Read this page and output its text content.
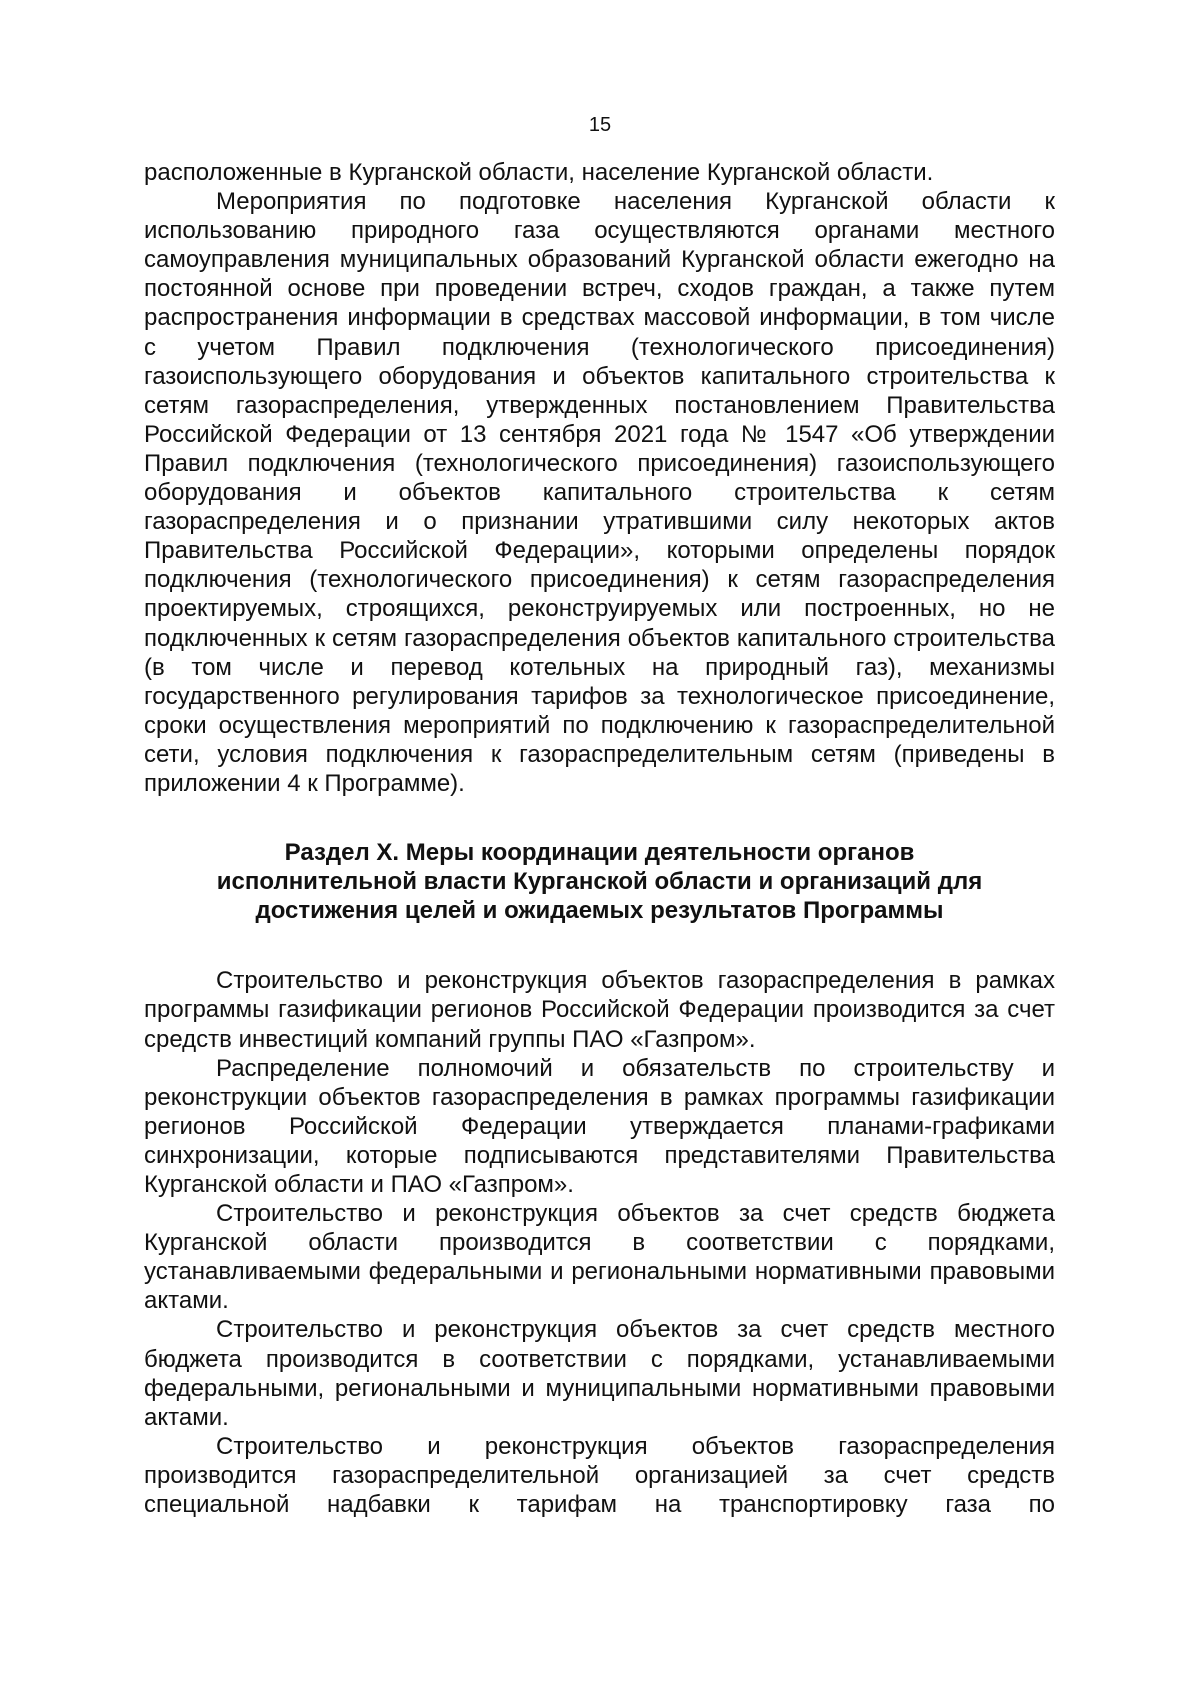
15

расположенные в Курганской области, население Курганской области.

Мероприятия по подготовке населения Курганской области к использованию природного газа осуществляются органами местного самоуправления муниципальных образований Курганской области ежегодно на постоянной основе при проведении встреч, сходов граждан, а также путем распространения информации в средствах массовой информации, в том числе с учетом Правил подключения (технологического присоединения) газоиспользующего оборудования и объектов капитального строительства к сетям газораспределения, утвержденных постановлением Правительства Российской Федерации от 13 сентября 2021 года № 1547 «Об утверждении Правил подключения (технологического присоединения) газоиспользующего оборудования и объектов капитального строительства к сетям газораспределения и о признании утратившими силу некоторых актов Правительства Российской Федерации», которыми определены порядок подключения (технологического присоединения) к сетям газораспределения проектируемых, строящихся, реконструируемых или построенных, но не подключенных к сетям газораспределения объектов капитального строительства (в том числе и перевод котельных на природный газ), механизмы государственного регулирования тарифов за технологическое присоединение, сроки осуществления мероприятий по подключению к газораспределительной сети, условия подключения к газораспределительным сетям (приведены в приложении 4 к Программе).

Раздел X. Меры координации деятельности органов
исполнительной власти Курганской области и организаций для
достижения целей и ожидаемых результатов Программы

Строительство и реконструкция объектов газораспределения в рамках программы газификации регионов Российской Федерации производится за счет средств инвестиций компаний группы ПАО «Газпром».

Распределение полномочий и обязательств по строительству и реконструкции объектов газораспределения в рамках программы газификации регионов Российской Федерации утверждается планами-графиками синхронизации, которые подписываются представителями Правительства Курганской области и ПАО «Газпром».

Строительство и реконструкция объектов за счет средств бюджета Курганской области производится в соответствии с порядками, устанавливаемыми федеральными и региональными нормативными правовыми актами.

Строительство и реконструкция объектов за счет средств местного бюджета производится в соответствии с порядками, устанавливаемыми федеральными, региональными и муниципальными нормативными правовыми актами.

Строительство и реконструкция объектов газораспределения производится газораспределительной организацией за счет средств специальной надбавки к тарифам на транспортировку газа по
